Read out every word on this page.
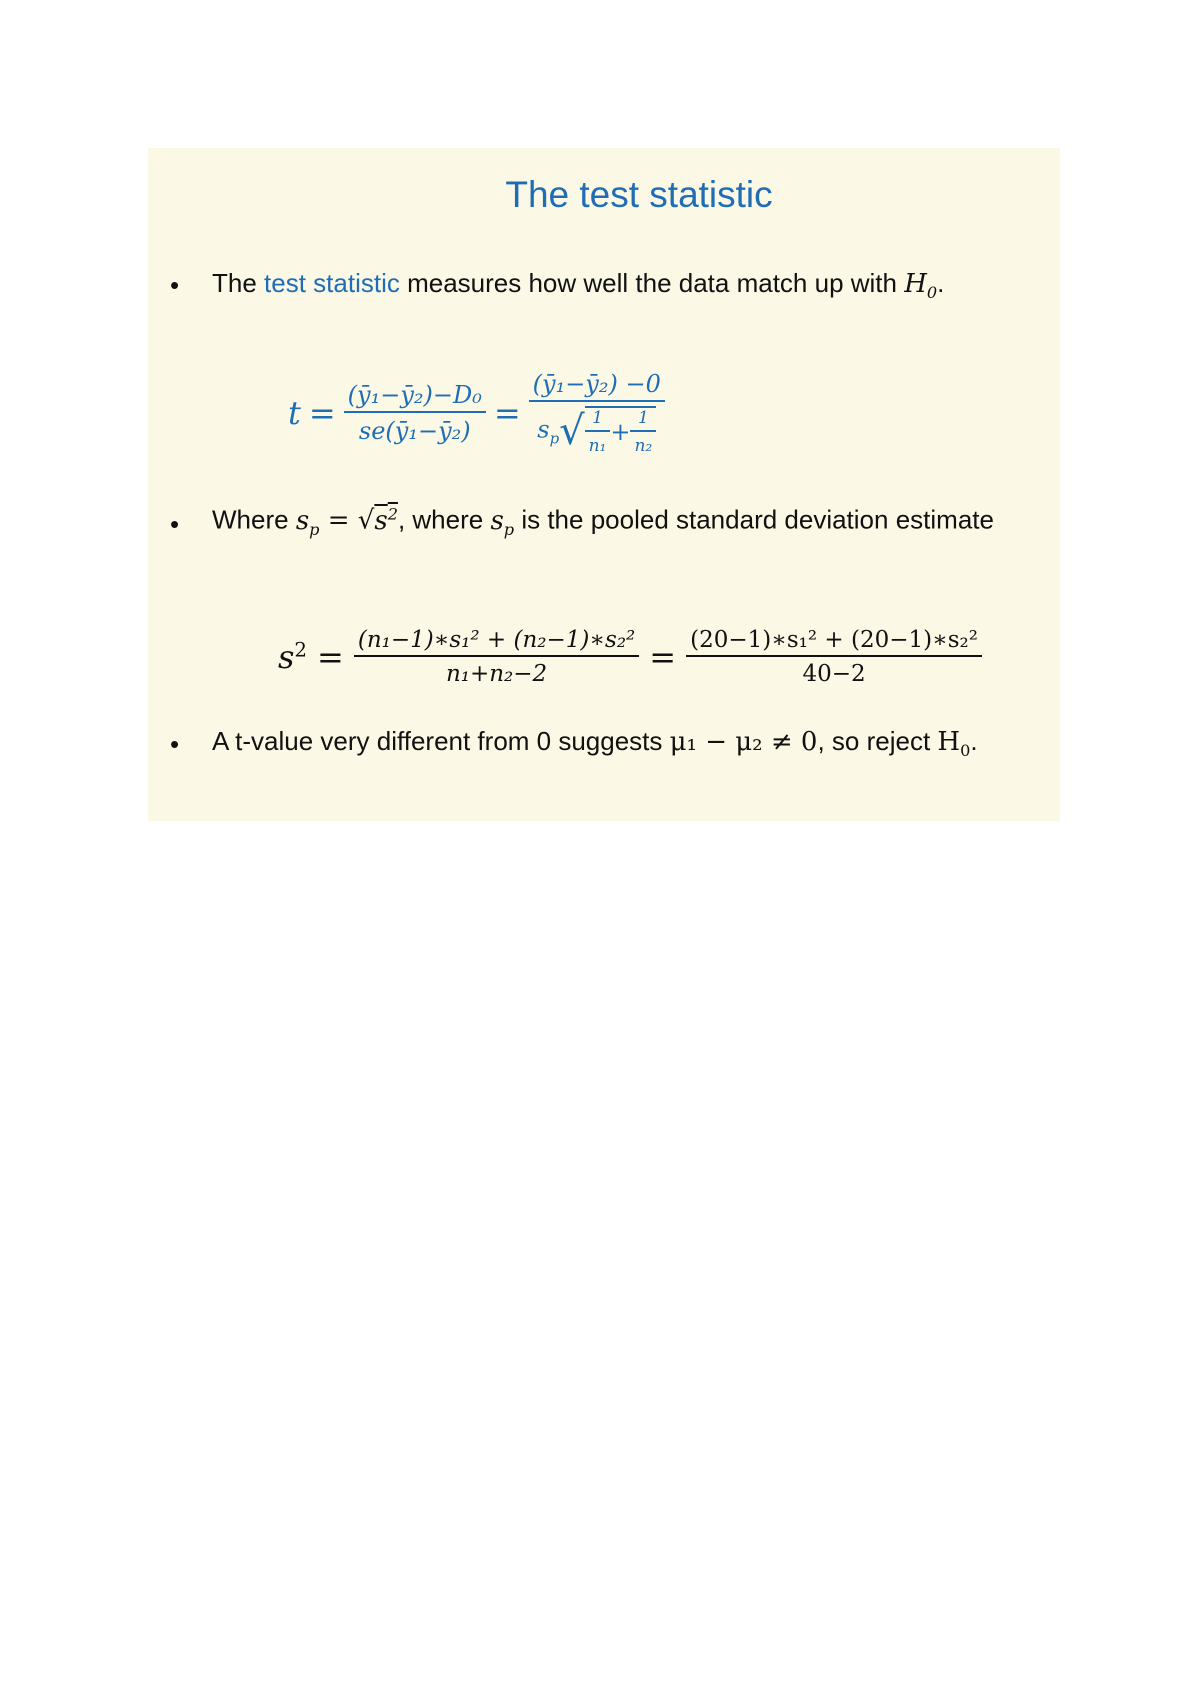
The test statistic
• The test statistic measures how well the data match up with $H_0$.
$t = \frac{\text{(ȳ₁−ȳ₂)−D₀}}{\text{se(ȳ₁−ȳ₂)}} = \frac{\text{(ȳ₁−ȳ₂) −0}}{s_p√ \frac{1}{\text{n₁}} + \frac{1}{\text{n₂}}}$
• Where $s_p = √s^2$, where $s_p$ is the pooled standard deviation estimate
$s^2 = \frac{\text{(n₁−1)∗s₁² + (n₂−1)∗s₂²}}{\text{n₁+n₂−2}} = \frac{\text{(20−1)∗s₁² + (20−1)∗s₂²}}{40-2}$
• A t-value very different from 0 suggests μ₁ − μ₂ ≠ 0, so reject $H_0$.
